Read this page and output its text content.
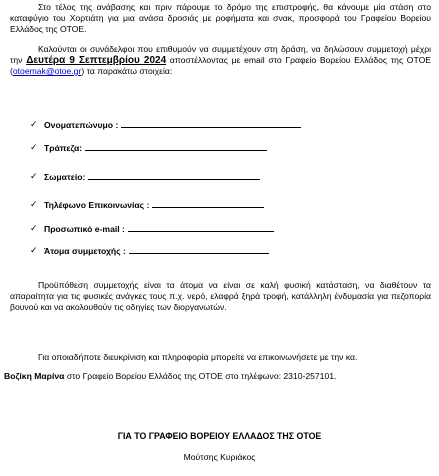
Στο τέλος της ανάβασης και πριν πάρουμε το δρόμο της επιστροφής, θα κάνουμε μία στάση στο καταφύγιο του Χορτιάτη για μια ανάσα δροσιάς με ροφήματα και σνακ, προσφορά του Γραφείου Βορείου Ελλάδος της ΟΤΟΕ.
Καλούνται οι συνάδελφοι που επιθυμούν να συμμετέχουν στη δράση, να δηλώσουν συμμετοχή μέχρι την Δευτέρα 9 Σεπτεμβρίου 2024 αποστέλλοντας με email στο Γραφείο Βορείου Ελλάδος της ΟΤΟΕ (otoemak@otoe.gr) τα παρακάτω στοιχεία:
✓ Ονοματεπώνυμο :
✓ Τράπεζα:
✓ Σωματείο:
✓ Τηλέφωνο Επικοινωνίας :
✓ Προσωπικό e-mail :
✓ Άτομα συμμετοχής :
Προϋπόθεση συμμετοχής είναι τα άτομα να είναι σε καλή φυσική κατάσταση, να διαθέτουν τα απαραίτητα για τις φυσικές ανάγκες τους π.χ. νερό, ελαφρά ξηρά τροφή, κατάλληλη ένδυμασία για πεζοπορία βουνού και να ακολουθούν τις οδηγίες των διοργανωτών.
Για οποιαδήποτε διευκρίνιση και πληροφορία μπορείτε να επικοινωνήσετε με την κα.
Βοζίκη Μαρίνα στο Γραφείο Βορείου Ελλάδος της ΟΤΟΕ στο τηλέφωνο: 2310-257101.
ΓΙΑ ΤΟ ΓΡΑΦΕΙΟ ΒΟΡΕΙΟΥ ΕΛΛΑΔΟΣ ΤΗΣ ΟΤΟΕ
Μούτσης Κυριάκος
